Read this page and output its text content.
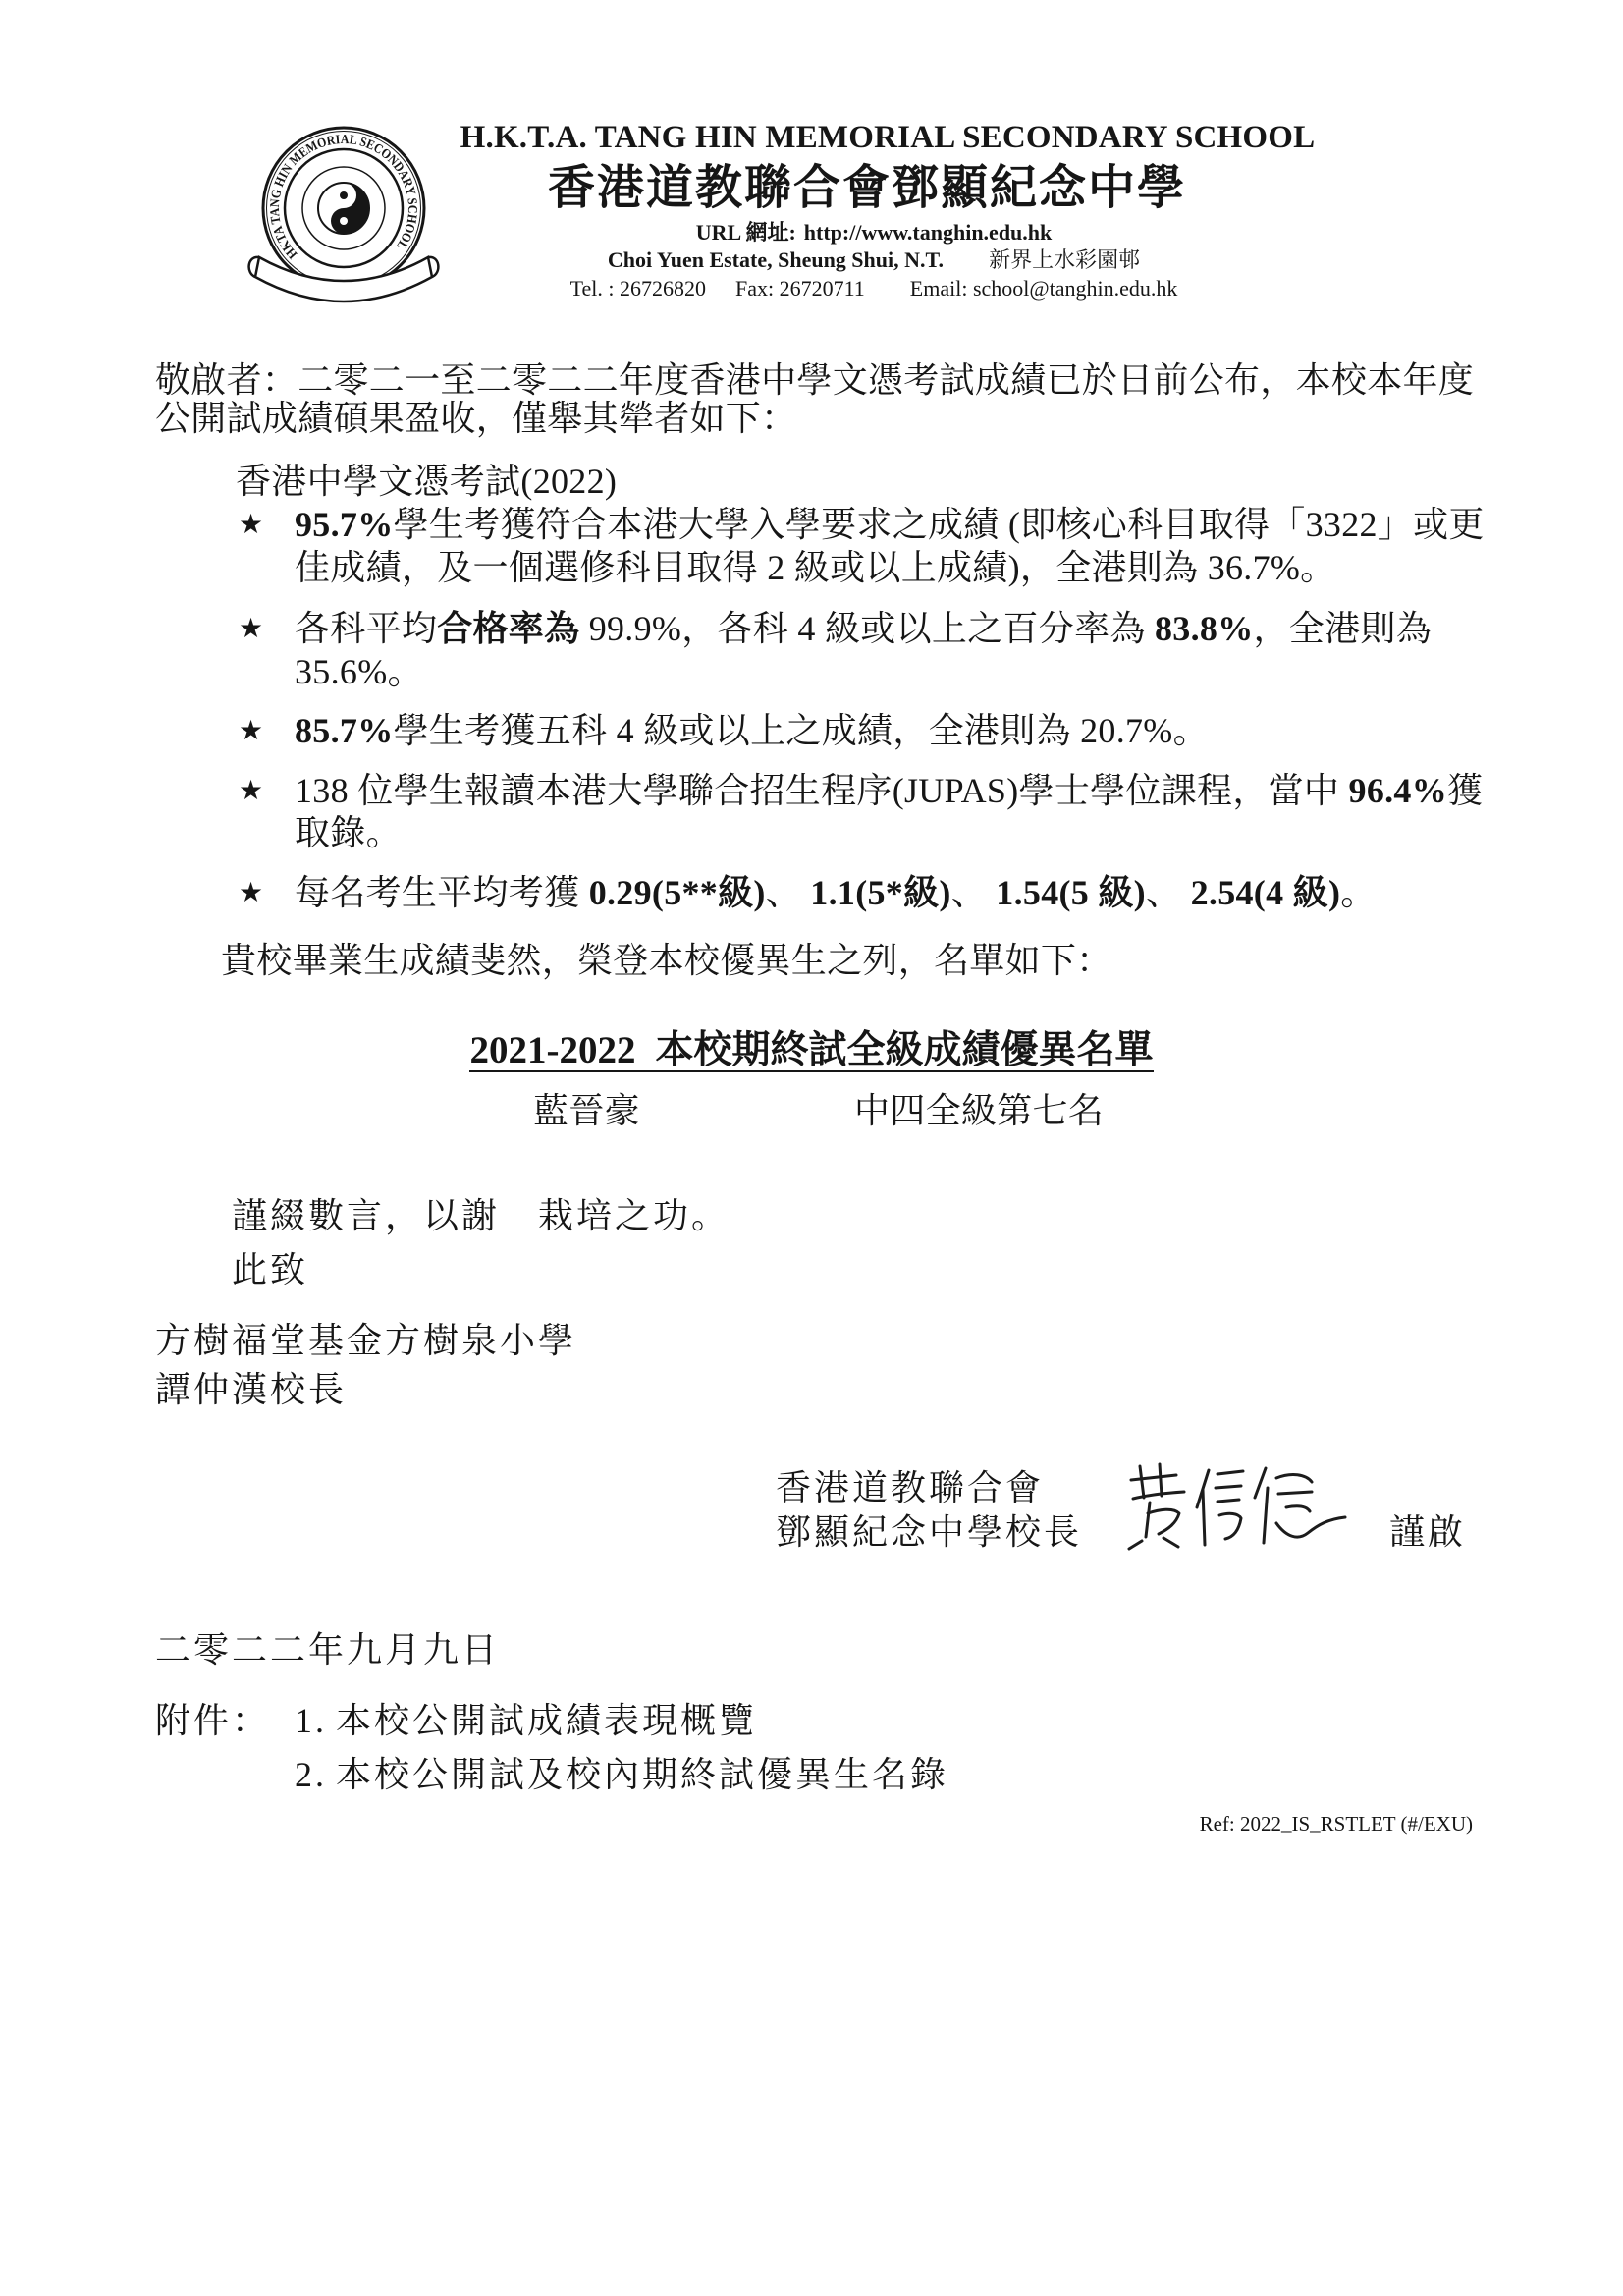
HKTA TANG HIN MEMORIAL SECONDARY SCHOOL
H.K.T.A. TANG HIN MEMORIAL SECONDARY SCHOOL
香港道教聯合會鄧顯紀念中學
URL 網址: http://www.tanghin.edu.hk
Choi Yuen Estate, Sheung Shui, N.T. 新界上水彩園邨
Tel. : 26726820 Fax: 26720711 Email: school@tanghin.edu.hk
敬啟者：二零二一至二零二二年度香港中學文憑考試成績已於日前公布，本校本年度
公開試成績碩果盈收，僅舉其犖者如下：
香港中學文憑考試(2022)
★ 95.7%學生考獲符合本港大學入學要求之成績 (即核心科目取得「3322」或更
佳成績，及一個選修科目取得 2 級或以上成績)，全港則為 36.7%。
★ 各科平均合格率為 99.9%，各科 4 級或以上之百分率為 83.8%，全港則為
35.6%。
★ 85.7%學生考獲五科 4 級或以上之成績，全港則為 20.7%。
★ 138 位學生報讀本港大學聯合招生程序(JUPAS)學士學位課程，當中 96.4%獲
取錄。
★ 每名考生平均考獲 0.29(5**級)、 1.1(5*級)、 1.54(5 級)、 2.54(4 級)。
貴校畢業生成績斐然，榮登本校優異生之列，名單如下：
2021-2022 本校期終試全級成績優異名單
藍晉豪	中四全級第七名
謹綴數言，以謝　栽培之功。
此致
方樹福堂基金方樹泉小學
譚仲漢校長
香港道教聯合會
鄧顯紀念中學校長	謹啟
二零二二年九月九日
附件： 1. 本校公開試成績表現概覽
2. 本校公開試及校內期終試優異生名錄
Ref: 2022_IS_RSTLET (#/EXU)
